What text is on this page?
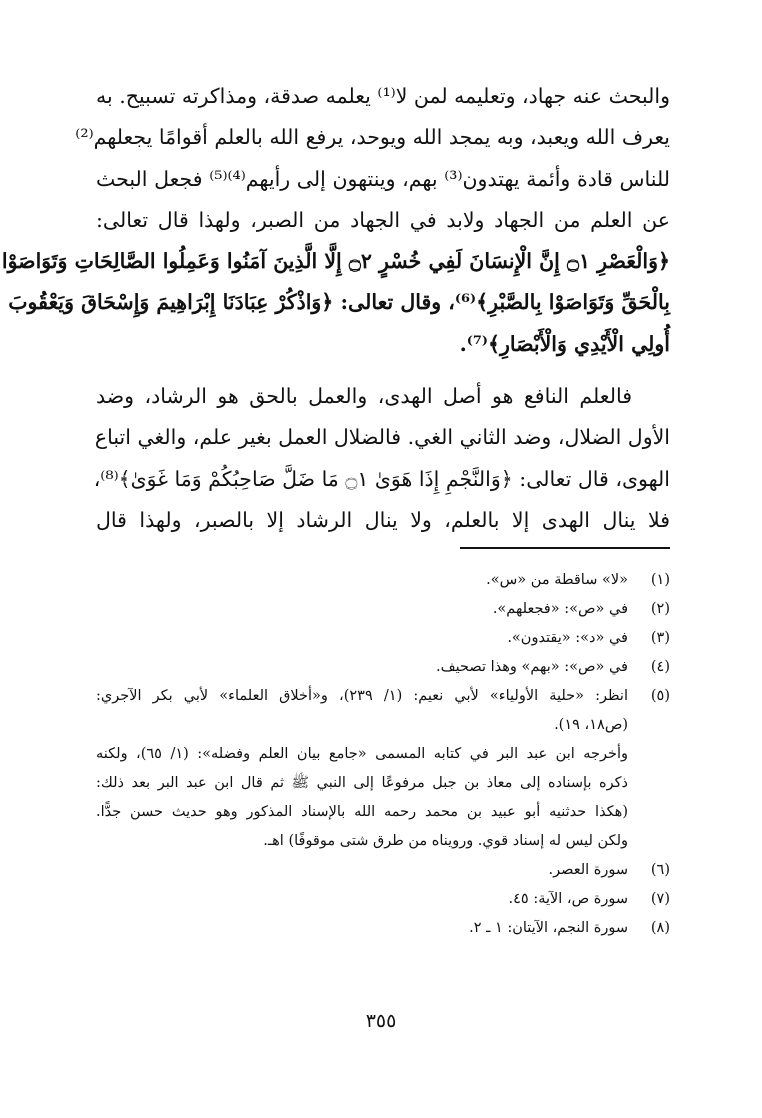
والبحث عنه جهاد، وتعليمه لمن لا⁽¹⁾ يعلمه صدقة، ومذاكرته تسبيح. به
يعرف الله ويعبد، وبه يمجد الله ويوحد، يرفع الله بالعلم أقوامًا يجعلهم⁽²⁾
للناس قادة وأئمة يهتدون⁽³⁾ بهم، وينتهون إلى رأيهم⁽⁴⁾⁽⁵⁾ فجعل البحث
عن العلم من الجهاد ولابد في الجهاد من الصبر، ولهذا قال تعالى:
﴿وَالْعَصْرِ ۝١ إِنَّ الْإِنسَانَ لَفِي خُسْرٍ ۝٢ إِلَّا الَّذِينَ آمَنُوا وَعَمِلُوا الصَّالِحَاتِ وَتَوَاصَوْا
بِالْحَقِّ وَتَوَاصَوْا بِالصَّبْرِ﴾⁽⁶⁾، وقال تعالى: ﴿وَاذْكُرْ عِبَادَنَا إِبْرَاهِيمَ وَإِسْحَاقَ وَيَعْقُوبَ
أُولِي الْأَيْدِي وَالْأَبْصَارِ﴾⁽⁷⁾.
فالعلم النافع هو أصل الهدى، والعمل بالحق هو الرشاد، وضد
الأول الضلال، وضد الثاني الغي. فالضلال العمل بغير علم، والغي اتباع
الهوى، قال تعالى: ﴿وَالنَّجْمِ إِذَا هَوَىٰ ۝١ مَا ضَلَّ صَاحِبُكُمْ وَمَا غَوَىٰ﴾⁽⁸⁾،
فلا ينال الهدى إلا بالعلم، ولا ينال الرشاد إلا بالصبر، ولهذا قال
(١)
«لا» ساقطة من «س».
(٢)
في «ص»: «فجعلهم».
(٣)
في «د»: «يقتدون».
(٤)
في «ص»: «بهم» وهذا تصحيف.
(٥)
انظر: «حلية الأولياء» لأبي نعيم: (١/ ٢٣٩)، و«أخلاق العلماء» لأبي بكر الآجري:
(ص١٨، ١٩).
وأخرجه ابن عبد البر في كتابه المسمى «جامع بيان العلم وفضله»: (١/ ٦٥)، ولكنه
ذكره بإسناده إلى معاذ بن جبل مرفوعًا إلى النبي ﷺ ثم قال ابن عبد البر بعد ذلك:
(هكذا حدثنيه أبو عبيد بن محمد رحمه الله بالإسناد المذكور وهو حديث حسن جدًّا.
ولكن ليس له إسناد قوي. ورويناه من طرق شتى موقوفًا) اهـ.
(٦)
سورة العصر.
(٧)
سورة ص، الآية: ٤٥.
(٨)
سورة النجم، الآيتان: ١ ـ ٢.
٣٥٥
